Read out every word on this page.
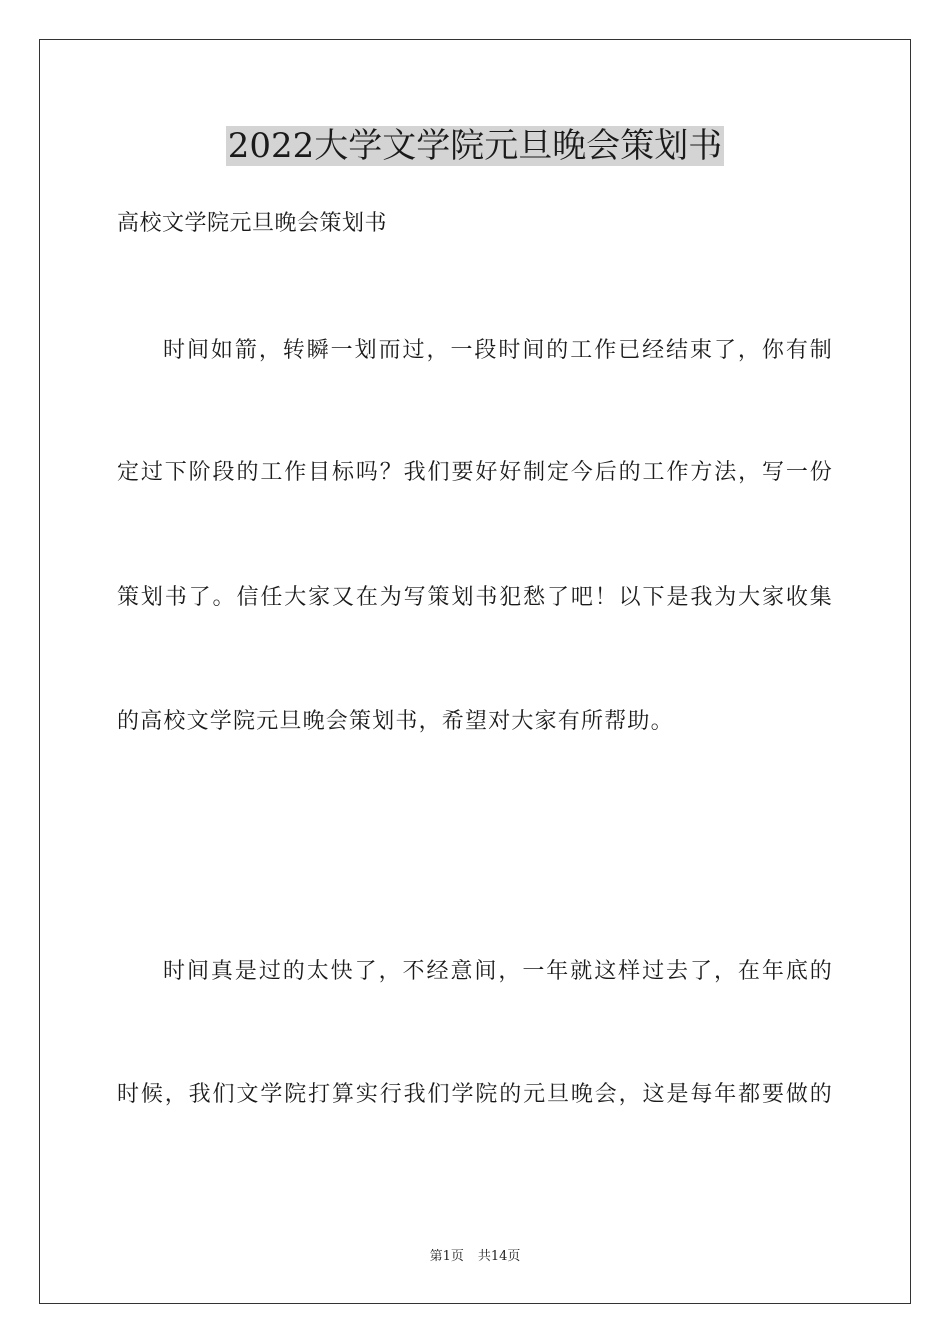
2022大学文学院元旦晚会策划书
高校文学院元旦晚会策划书
时间如箭，转瞬一划而过，一段时间的工作已经结束了，你有制
定过下阶段的工作目标吗？我们要好好制定今后的工作方法，写一份
策划书了。信任大家又在为写策划书犯愁了吧！以下是我为大家收集
的高校文学院元旦晚会策划书，希望对大家有所帮助。
时间真是过的太快了，不经意间，一年就这样过去了，在年底的
时候，我们文学院打算实行我们学院的元旦晚会，这是每年都要做的
第1页 共14页
